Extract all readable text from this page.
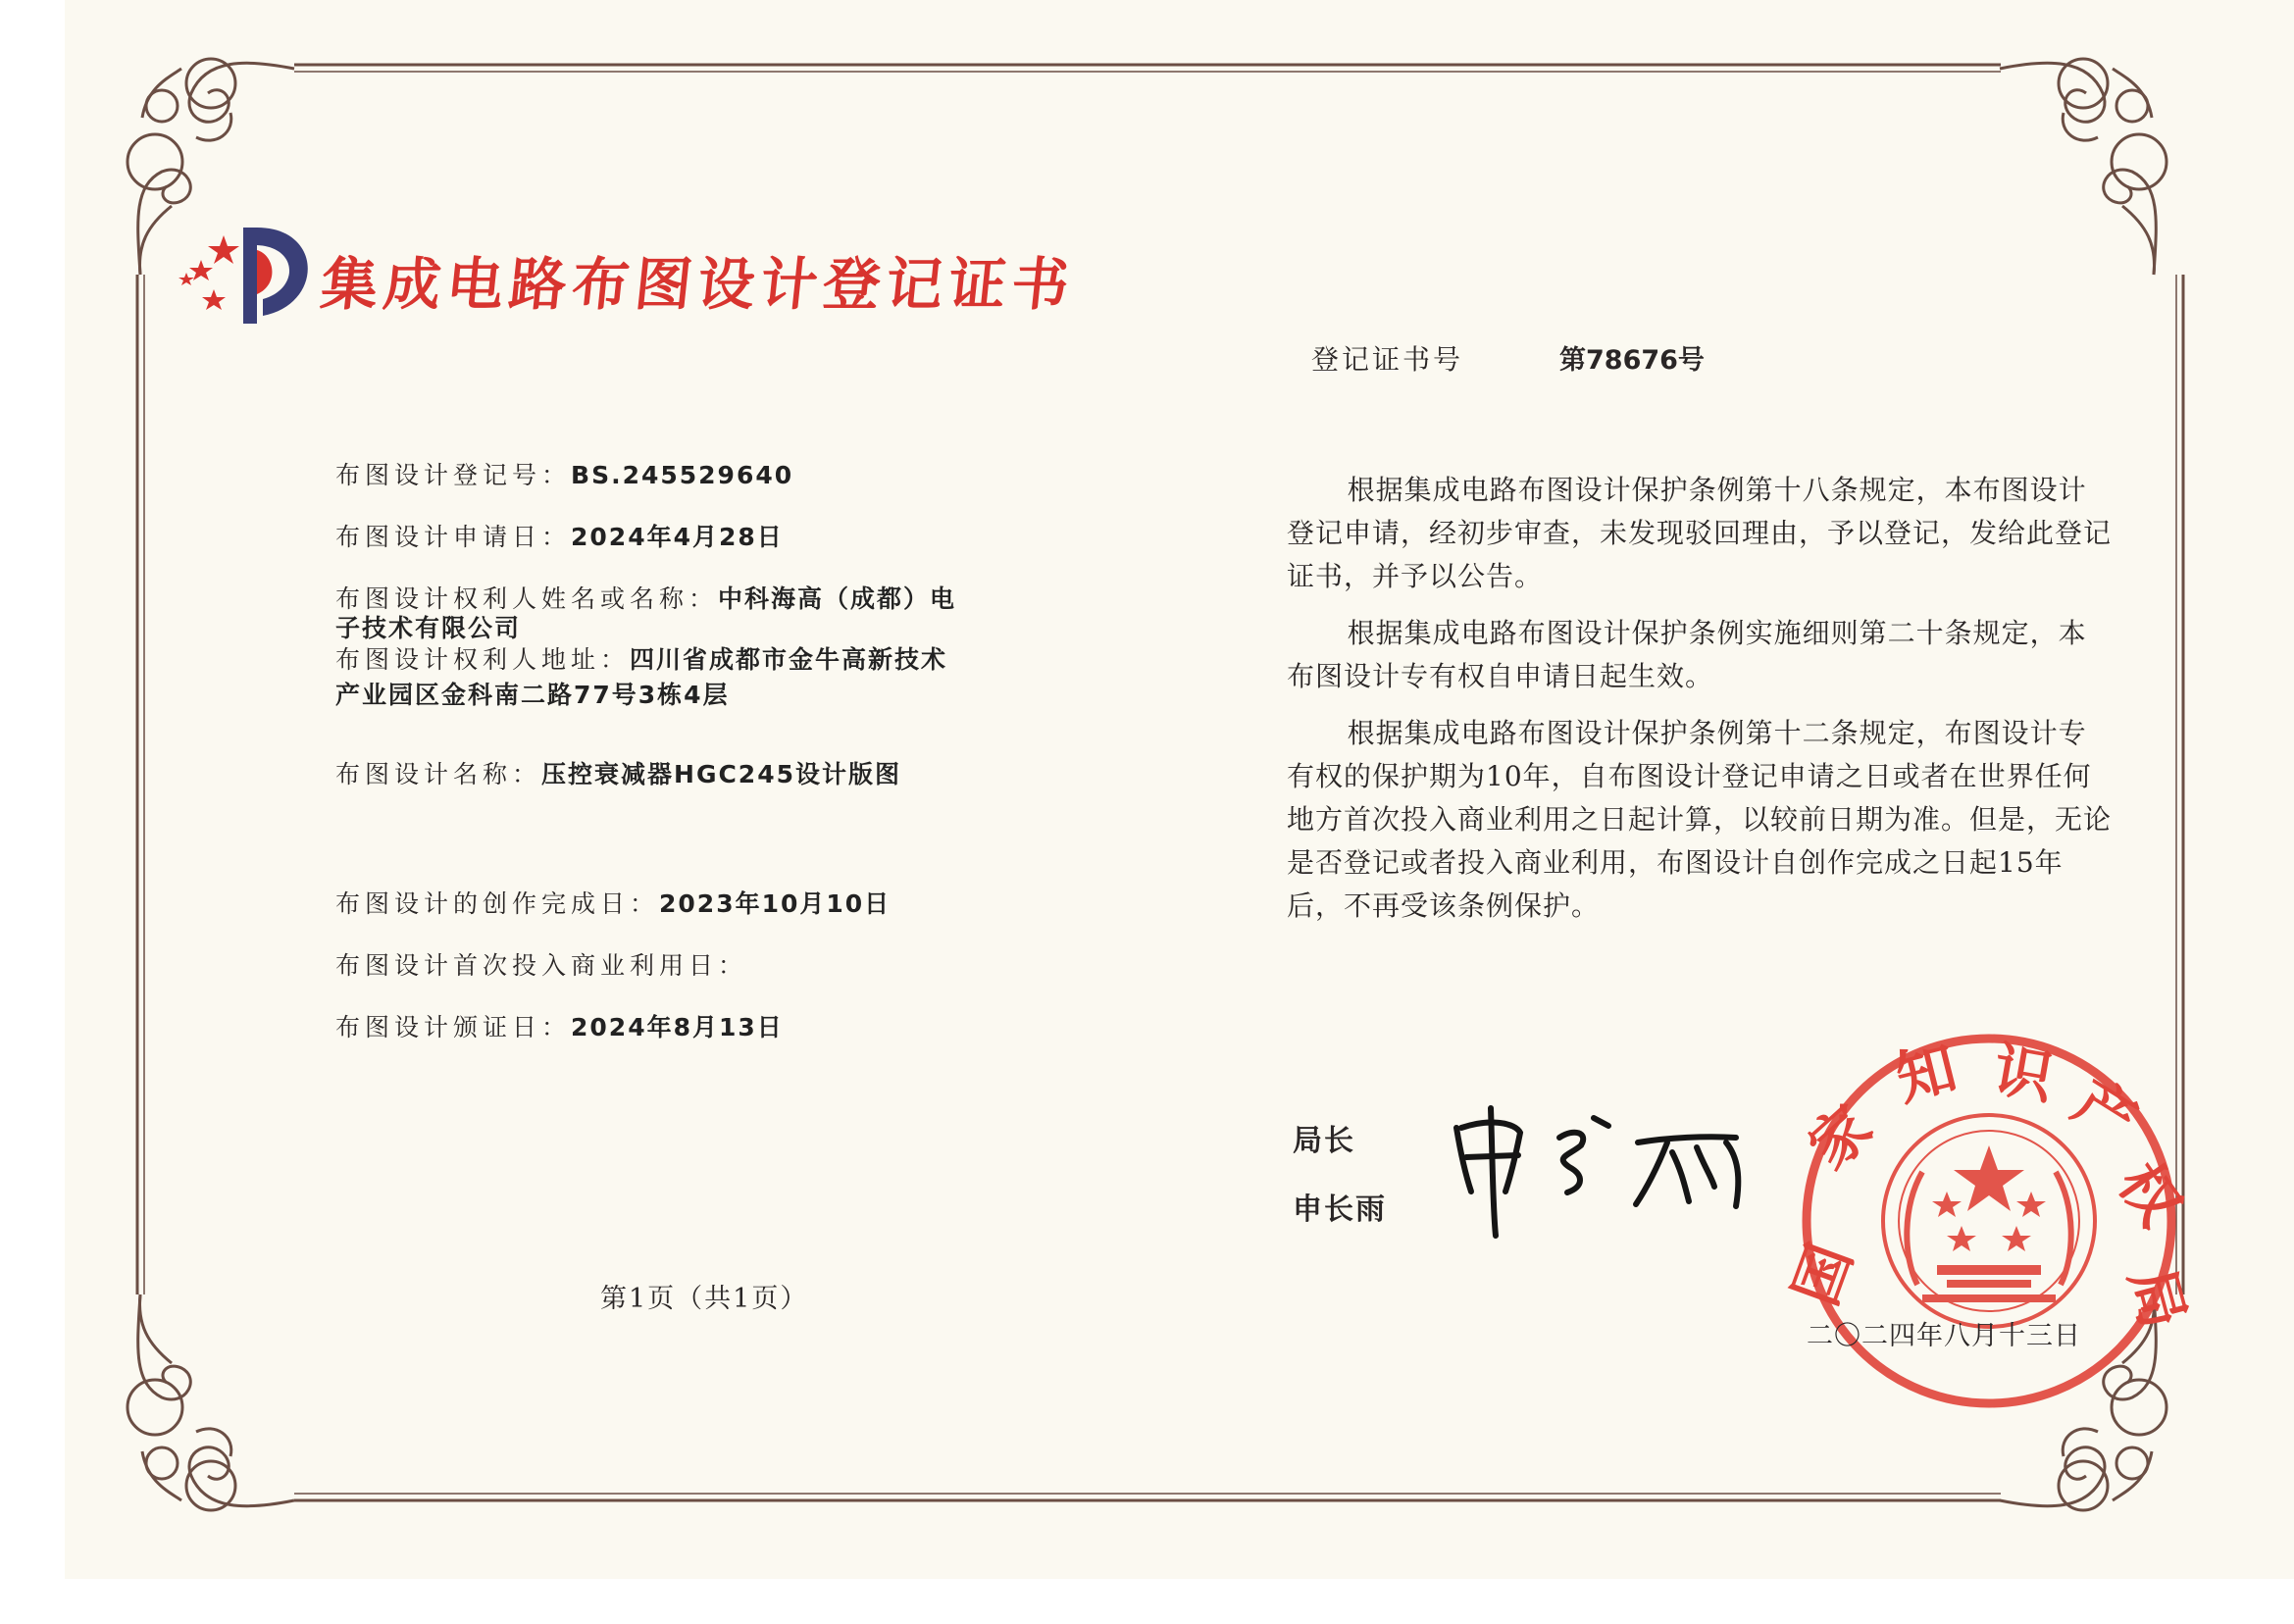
国
家
知 识 产
权
局
集成电路布图设计登记证书
登记证书号	第78676号
布图设计登记号：BS.245529640
布图设计申请日：2024年4月28日
布图设计权利人姓名或名称：中科海高（成都）电
子技术有限公司
布图设计权利人地址：四川省成都市金牛高新技术
产业园区金科南二路77号3栋4层
布图设计名称：压控衰减器HGC245设计版图
布图设计的创作完成日：2023年10月10日
布图设计首次投入商业利用日：
布图设计颁证日：2024年8月13日
第1页（共1页）
根据集成电路布图设计保护条例第十八条规定，本布图设计登记申请，经初步审查，未发现驳回理由，予以登记，发给此登记证书，并予以公告。
根据集成电路布图设计保护条例实施细则第二十条规定，本布图设计专有权自申请日起生效。
根据集成电路布图设计保护条例第十二条规定，布图设计专有权的保护期为10年，自布图设计登记申请之日或者在世界任何地方首次投入商业利用之日起计算，以较前日期为准。但是，无论是否登记或者投入商业利用，布图设计自创作完成之日起15年后，不再受该条例保护。
局长
申长雨
二〇二四年八月十三日
